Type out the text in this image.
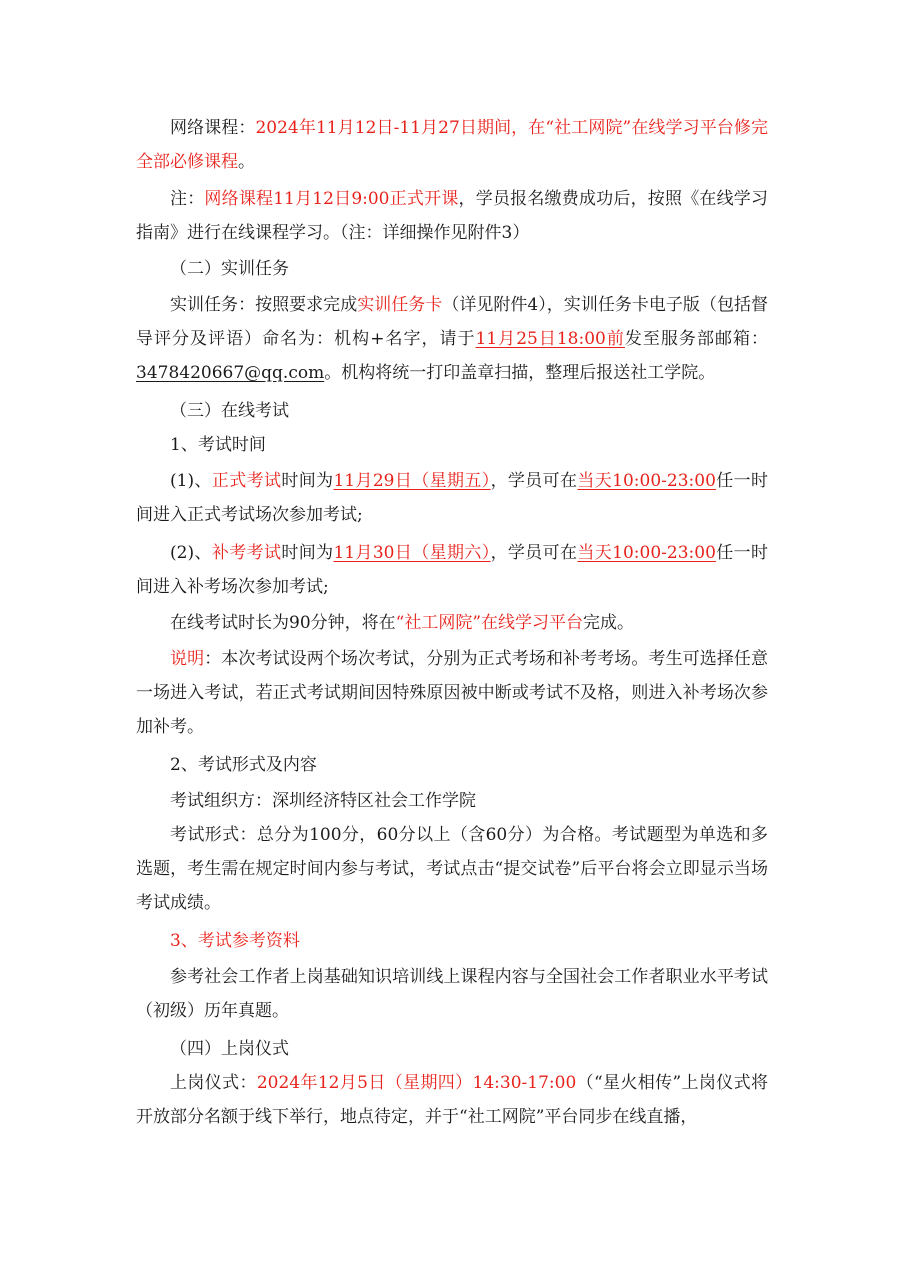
网络课程：2024年11月12日-11月27日期间，在“社工网院”在线学习平台修完全部必修课程。

注：网络课程11月12日9:00正式开课，学员报名缴费成功后，按照《在线学习指南》进行在线课程学习。（注：详细操作见附件3）

（二）实训任务

实训任务：按照要求完成实训任务卡（详见附件4），实训任务卡电子版（包括督导评分及评语）命名为：机构+名字，请于11月25日18:00前发至服务部邮箱：3478420667@qq.com。机构将统一打印盖章扫描，整理后报送社工学院。

（三）在线考试

1、考试时间

(1)、正式考试时间为11月29日（星期五），学员可在当天10:00-23:00任一时间进入正式考试场次参加考试;

(2)、补考考试时间为11月30日（星期六），学员可在当天10:00-23:00任一时间进入补考场次参加考试;

在线考试时长为90分钟，将在“社工网院”在线学习平台完成。

说明：本次考试设两个场次考试，分别为正式考场和补考考场。考生可选择任意一场进入考试，若正式考试期间因特殊原因被中断或考试不及格，则进入补考场次参加补考。

2、考试形式及内容

考试组织方：深圳经济特区社会工作学院

考试形式：总分为100分，60分以上（含60分）为合格。考试题型为单选和多选题，考生需在规定时间内参与考试，考试点击“提交试卷”后平台将会立即显示当场考试成绩。

3、考试参考资料

参考社会工作者上岗基础知识培训线上课程内容与全国社会工作者职业水平考试（初级）历年真题。

（四）上岗仪式

上岗仪式：2024年12月5日（星期四）14:30-17:00（“星火相传”上岗仪式将开放部分名额于线下举行，地点待定，并于“社工网院”平台同步在线直播，
